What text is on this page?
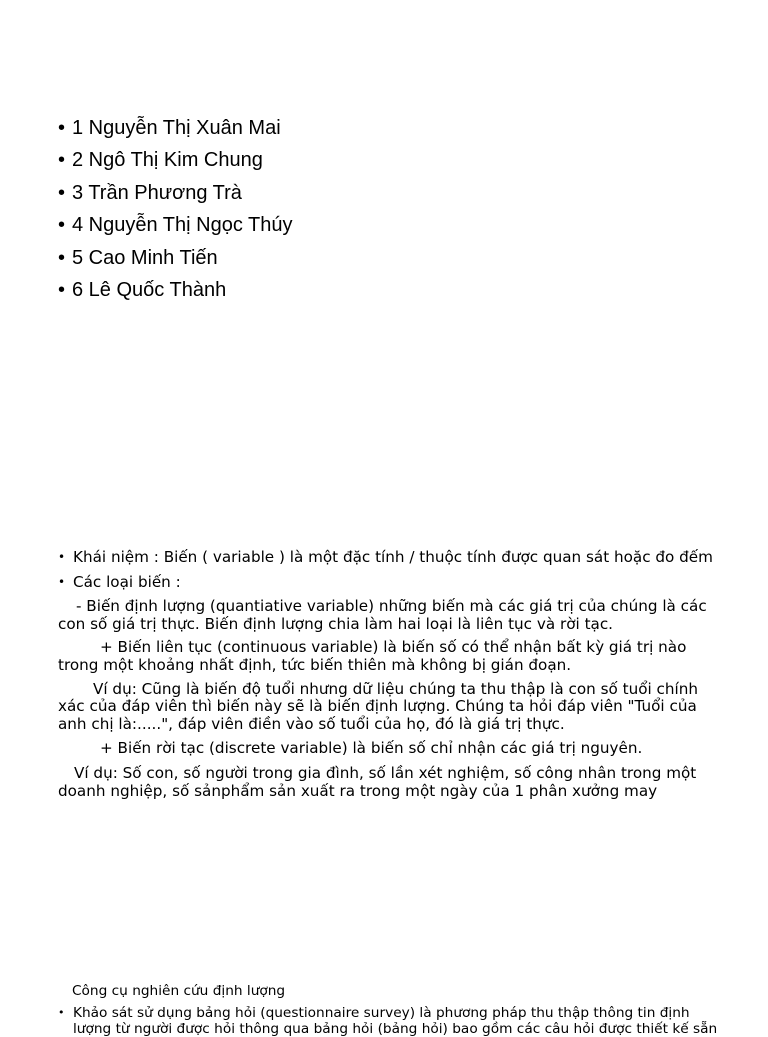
• 1 Nguyễn Thị Xuân Mai
• 2 Ngô Thị Kim Chung
• 3 Trần Phương Trà
• 4 Nguyễn Thị Ngọc Thúy
• 5 Cao Minh Tiến
• 6 Lê Quốc Thành

• Khái niệm : Biến ( variable ) là một đặc tính / thuộc tính được quan sát hoặc đo đếm

• Các loại biến :

- Biến định lượng (quantiative variable) những biến mà các giá trị của chúng là các con số giá trị thực. Biến định lượng chia làm hai loại là liên tục và rời tạc.

+ Biến liên tục (continuous variable) là biến số có thể nhận bất kỳ giá trị nào trong một khoảng nhất định, tức biến thiên mà không bị gián đoạn.

Ví dụ: Cũng là biến độ tuổi nhưng dữ liệu chúng ta thu thập là con số tuổi chính xác của đáp viên thì biến này sẽ là biến định lượng. Chúng ta hỏi đáp viên "Tuổi của anh chị là:.....", đáp viên điền vào số tuổi của họ, đó là giá trị thực.

+ Biến rời tạc (discrete variable) là biến số chỉ nhận các giá trị nguyên.

Ví dụ: Số con, số người trong gia đình, số lần xét nghiệm, số công nhân trong một doanh nghiệp, số sảnphẩm sản xuất ra trong một ngày của 1 phân xưởng may

Công cụ nghiên cứu định lượng

• Khảo sát sử dụng bảng hỏi (questionnaire survey) là phương pháp thu thập thông tin định lượng từ người được hỏi thông qua bảng hỏi (bảng hỏi) bao gồm các câu hỏi được thiết kế sẵn
